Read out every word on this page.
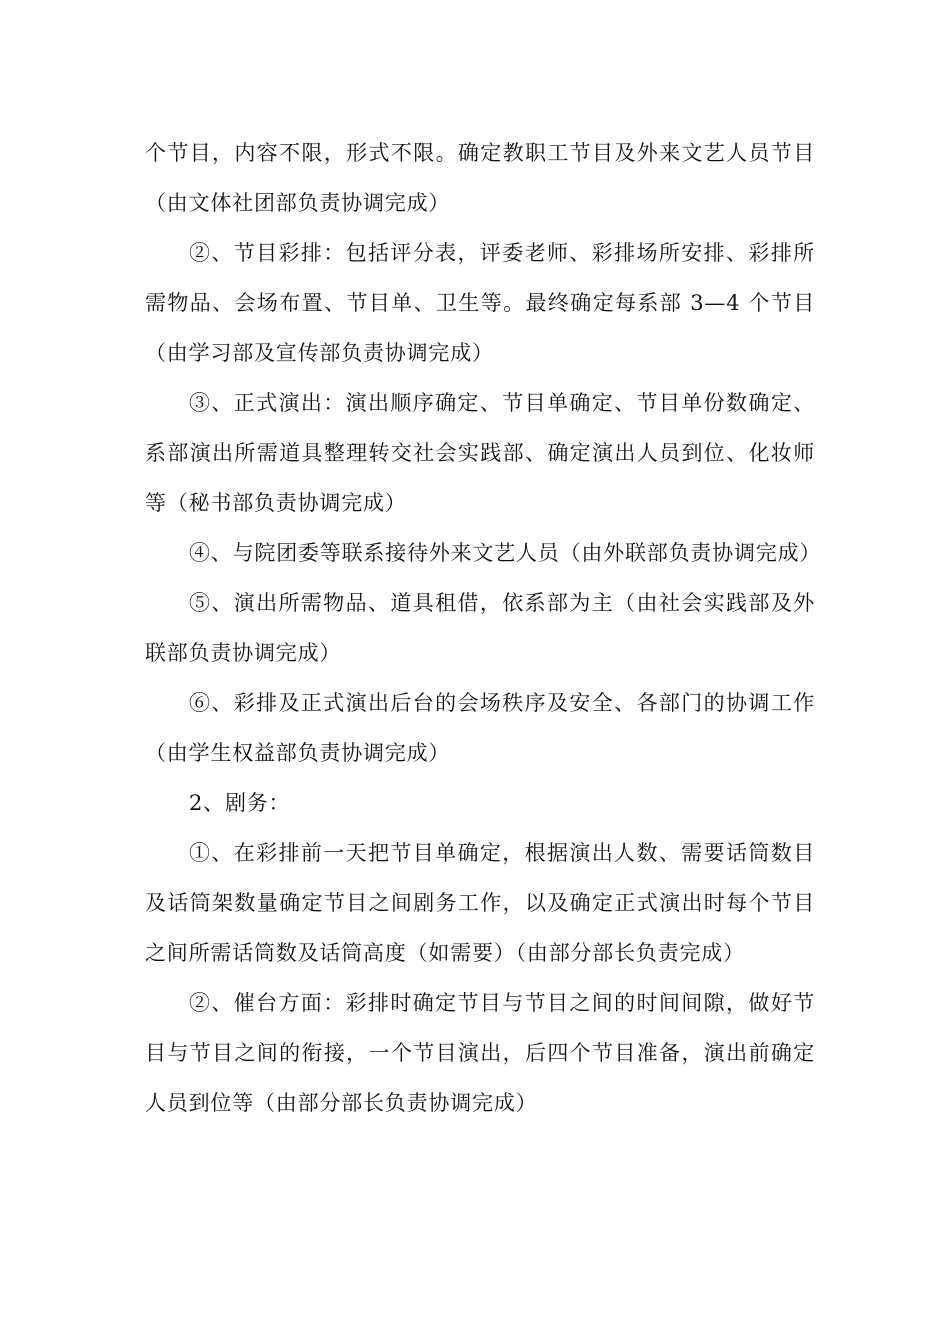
个节目，内容不限，形式不限。确定教职工节目及外来文艺人员节目（由文体社团部负责协调完成）

②、节目彩排：包括评分表，评委老师、彩排场所安排、彩排所需物品、会场布置、节目单、卫生等。最终确定每系部 3—4 个节目（由学习部及宣传部负责协调完成）

③、正式演出：演出顺序确定、节目单确定、节目单份数确定、系部演出所需道具整理转交社会实践部、确定演出人员到位、化妆师等（秘书部负责协调完成）

④、与院团委等联系接待外来文艺人员（由外联部负责协调完成）

⑤、演出所需物品、道具租借，依系部为主（由社会实践部及外联部负责协调完成）

⑥、彩排及正式演出后台的会场秩序及安全、各部门的协调工作（由学生权益部负责协调完成）

2、剧务：

①、在彩排前一天把节目单确定，根据演出人数、需要话筒数目及话筒架数量确定节目之间剧务工作，以及确定正式演出时每个节目之间所需话筒数及话筒高度（如需要）（由部分部长负责完成）

②、催台方面：彩排时确定节目与节目之间的时间间隙，做好节目与节目之间的衔接，一个节目演出，后四个节目准备，演出前确定人员到位等（由部分部长负责协调完成）
